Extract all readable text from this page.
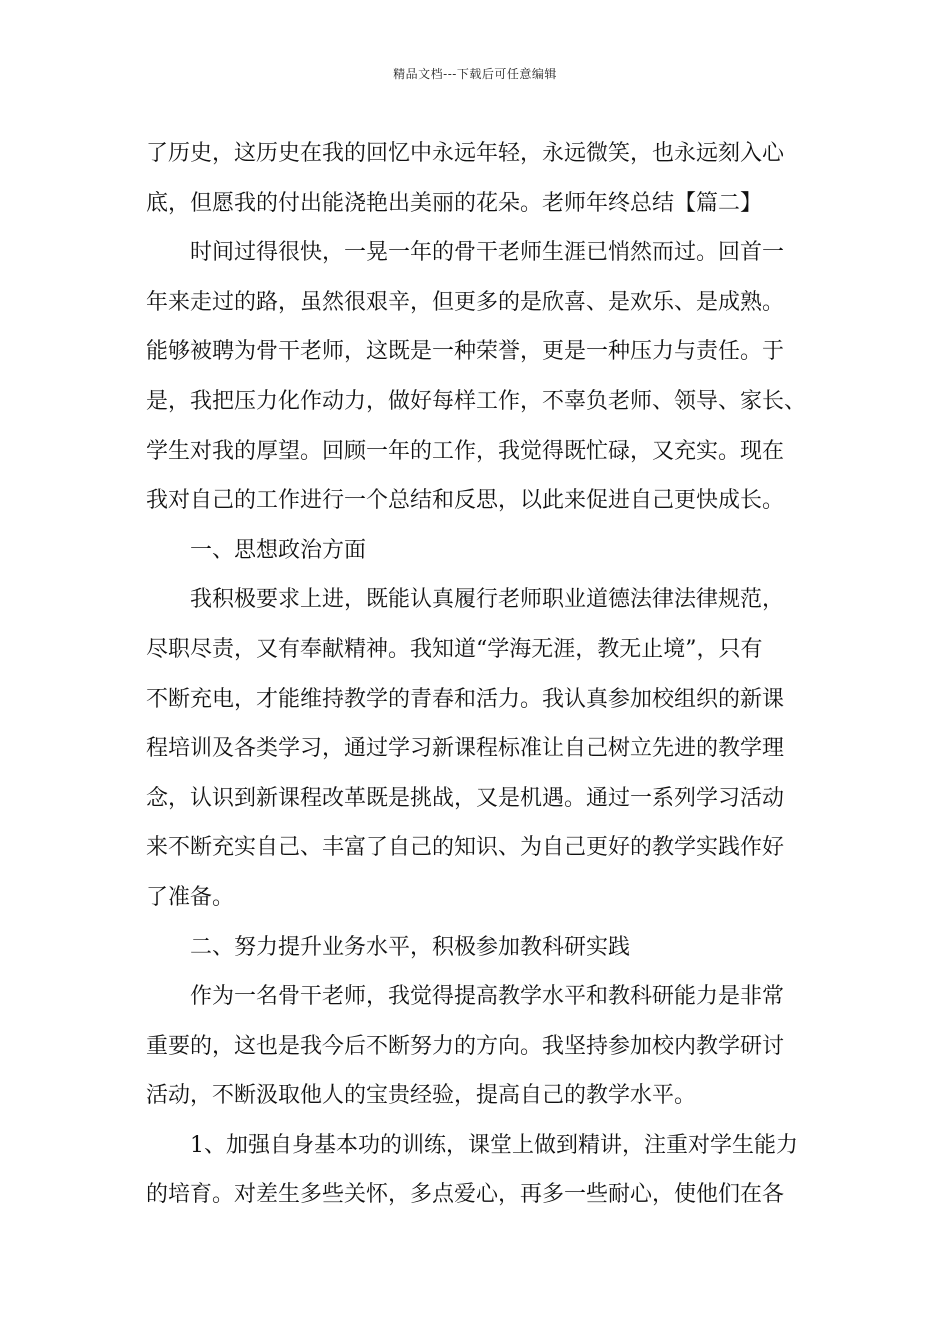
精品文档---下载后可任意编辑
了历史，这历史在我的回忆中永远年轻，永远微笑，也永远刻入心
底，但愿我的付出能浇艳出美丽的花朵。老师年终总结【篇二】
时间过得很快，一晃一年的骨干老师生涯已悄然而过。回首一
年来走过的路，虽然很艰辛，但更多的是欣喜、是欢乐、是成熟。
能够被聘为骨干老师，这既是一种荣誉，更是一种压力与责任。于
是，我把压力化作动力，做好每样工作，不辜负老师、领导、家长、
学生对我的厚望。回顾一年的工作，我觉得既忙碌，又充实。现在
我对自己的工作进行一个总结和反思，以此来促进自己更快成长。
一、思想政治方面
我积极要求上进，既能认真履行老师职业道德法律法律规范，
尽职尽责，又有奉献精神。我知道“学海无涯，教无止境”，只有
不断充电，才能维持教学的青春和活力。我认真参加校组织的新课
程培训及各类学习，通过学习新课程标准让自己树立先进的教学理
念，认识到新课程改革既是挑战，又是机遇。通过一系列学习活动
来不断充实自己、丰富了自己的知识、为自己更好的教学实践作好
了准备。
二、努力提升业务水平，积极参加教科研实践
作为一名骨干老师，我觉得提高教学水平和教科研能力是非常
重要的，这也是我今后不断努力的方向。我坚持参加校内教学研讨
活动，不断汲取他人的宝贵经验，提高自己的教学水平。
1、加强自身基本功的训练，课堂上做到精讲，注重对学生能力
的培育。对差生多些关怀，多点爱心，再多一些耐心，使他们在各
